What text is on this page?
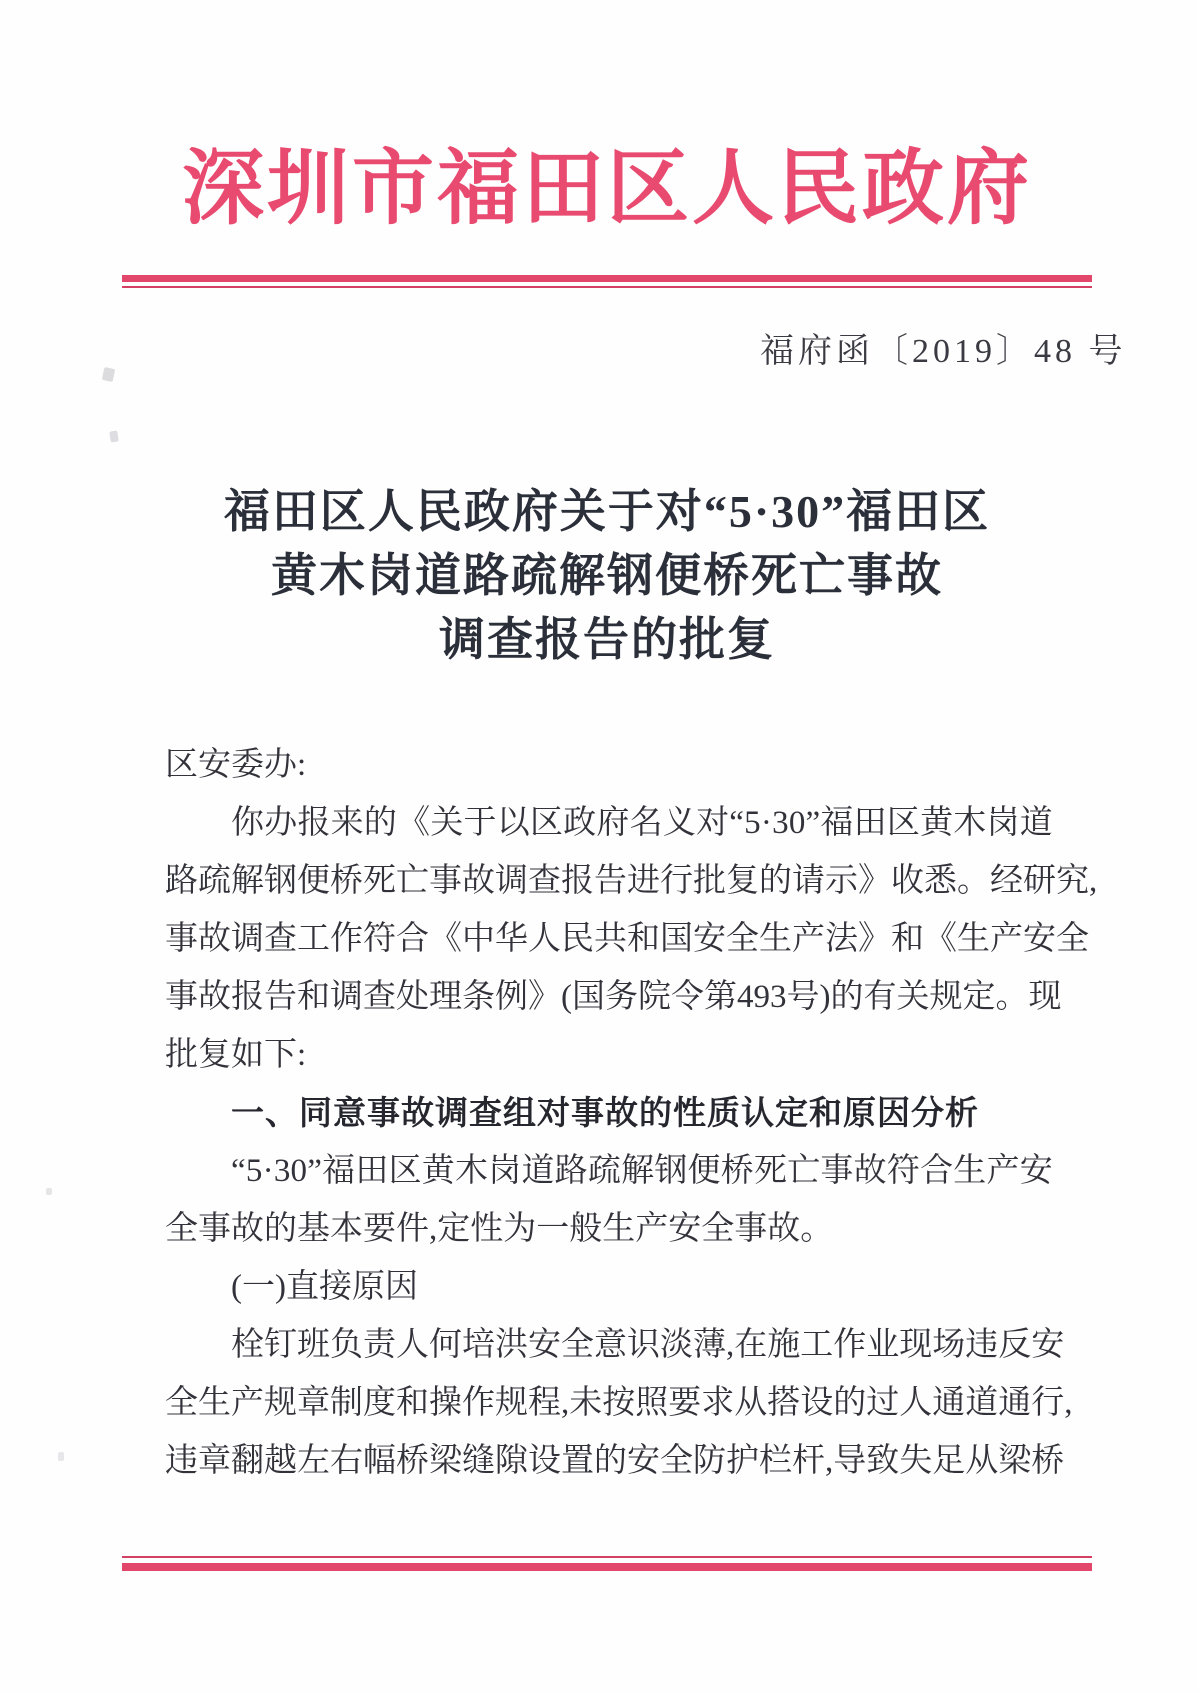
深圳市福田区人民政府
福府函〔2019〕48 号
福田区人民政府关于对“5·30”福田区
黄木岗道路疏解钢便桥死亡事故
调查报告的批复
区安委办:
你 办 报 来 的 《 关 于 以 区 政 府 名 义 对 “ 5 · 3 0 ” 福 田 区 黄 木 岗 道
路 疏 解 钢 便 桥 死 亡 事 故 调 查 报 告 进 行 批 复 的 请 示 》 收 悉 。 经 研 究 ,
事 故 调 查 工 作 符 合 《 中 华 人 民 共 和 国 安 全 生 产 法 》 和 《 生 产 安 全
事 故 报 告 和 调 查 处 理 条 例 》 ( 国 务 院 令 第 4 9 3 号 ) 的 有 关 规 定 。 现
批复如下:
一、同意事故调查组对事故的性质认定和原因分析
“ 5 · 3 0 ” 福 田 区 黄 木 岗 道 路 疏 解 钢 便 桥 死 亡 事 故 符 合 生 产 安
全事故的基本要件,定性为一般生产安全事故。
(一)直接原因
栓 钉 班 负 责 人 何 培 洪 安 全 意 识 淡 薄 , 在 施 工 作 业 现 场 违 反 安
全 生 产 规 章 制 度 和 操 作 规 程 , 未 按 照 要 求 从 搭 设 的 过 人 通 道 通 行 ,
违 章 翻 越 左 右 幅 桥 梁 缝 隙 设 置 的 安 全 防 护 栏 杆 , 导 致 失 足 从 梁 桥
